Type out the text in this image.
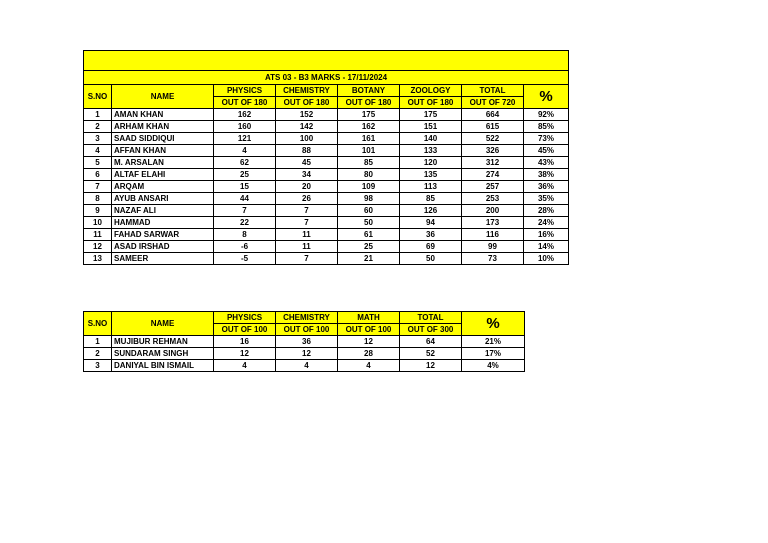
ATS 03 - B3 MARKS - 17/11/2024							
S.NO	NAME	PHYSICS	CHEMISTRY	BOTANY	ZOOLOGY	TOTAL	%
		OUT OF 180	OUT OF 180	OUT OF 180	OUT OF 180	OUT OF 720	
1	AMAN KHAN	162	152	175	175	664	92%
2	ARHAM KHAN	160	142	162	151	615	85%
3	SAAD SIDDIQUI	121	100	161	140	522	73%
4	AFFAN KHAN	4	88	101	133	326	45%
5	M. ARSALAN	62	45	85	120	312	43%
6	ALTAF ELAHI	25	34	80	135	274	38%
7	ARQAM	15	20	109	113	257	36%
8	AYUB ANSARI	44	26	98	85	253	35%
9	NAZAF ALI	7	7	60	126	200	28%
10	HAMMAD	22	7	50	94	173	24%
11	FAHAD SARWAR	8	11	61	36	116	16%
12	ASAD IRSHAD	-6	11	25	69	99	14%
13	SAMEER	-5	7	21	50	73	10%
S.NO	NAME	PHYSICS	CHEMISTRY	MATH	TOTAL	%
		OUT OF 100	OUT OF 100	OUT OF 100	OUT OF 300	
1	MUJIBUR REHMAN	16	36	12	64	21%
2	SUNDARAM SINGH	12	12	28	52	17%
3	DANIYAL BIN ISMAIL	4	4	4	12	4%
